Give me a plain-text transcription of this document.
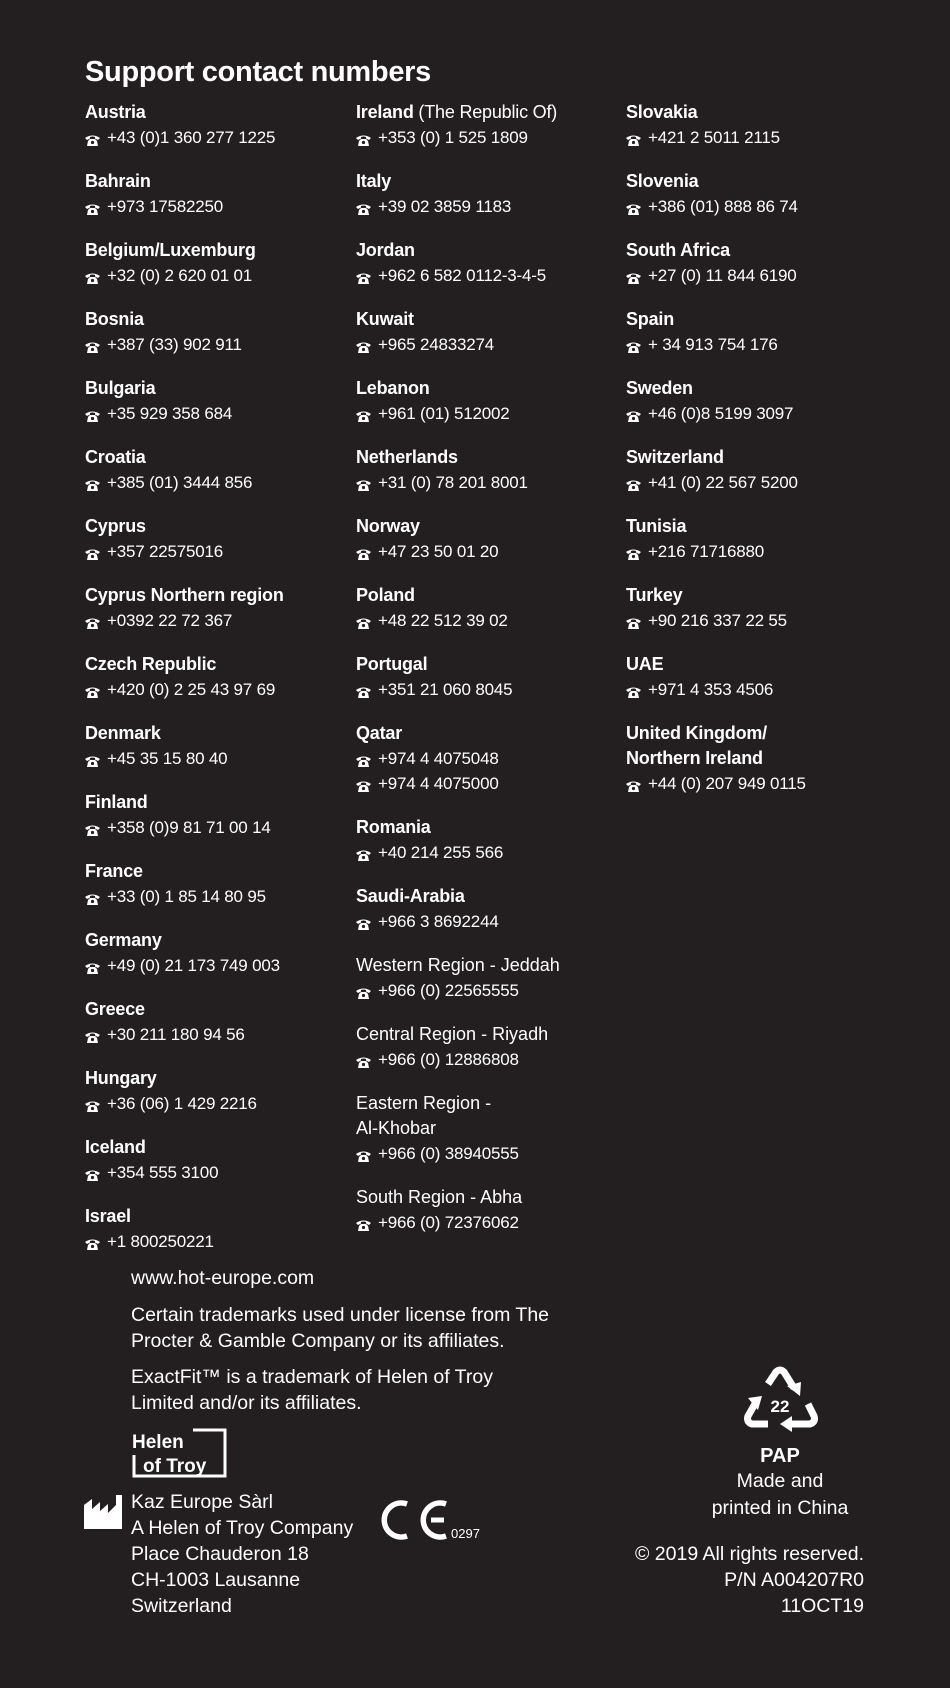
Support contact numbers
Austria
+43 (0)1 360 277 1225
Bahrain
+973 17582250
Belgium/Luxemburg
+32 (0) 2 620 01 01
Bosnia
+387 (33) 902 911
Bulgaria
+35 929 358 684
Croatia
+385 (01) 3444 856
Cyprus
+357 22575016
Cyprus Northern region
+0392 22 72 367
Czech Republic
+420 (0) 2 25 43 97 69
Denmark
+45 35 15 80 40
Finland
+358 (0)9 81 71 00 14
France
+33 (0) 1 85 14 80 95
Germany
+49 (0) 21 173 749 003
Greece
+30 211 180 94 56
Hungary
+36 (06) 1 429 2216
Iceland
+354 555 3100
Israel
+1 800250221
Ireland (The Republic Of)
+353 (0) 1 525 1809
Italy
+39 02 3859 1183
Jordan
+962 6 582 0112-3-4-5
Kuwait
+965 24833274
Lebanon
+961 (01) 512002
Netherlands
+31 (0) 78 201 8001
Norway
+47 23 50 01 20
Poland
+48 22 512 39 02
Portugal
+351 21 060 8045
Qatar
+974 4 4075048
+974 4 4075000
Romania
+40 214 255 566
Saudi-Arabia
+966 3 8692244
Western Region - Jeddah
+966 (0) 22565555
Central Region - Riyadh
+966 (0) 12886808
Eastern Region - Al-Khobar
+966 (0) 38940555
South Region - Abha
+966 (0) 72376062
Slovakia
+421 2 5011 2115
Slovenia
+386 (01) 888 86 74
South Africa
+27 (0) 11 844 6190
Spain
+ 34 913 754 176
Sweden
+46 (0)8 5199 3097
Switzerland
+41 (0) 22 567 5200
Tunisia
+216 71716880
Turkey
+90 216 337 22 55
UAE
+971 4 353 4506
United Kingdom/ Northern Ireland
+44 (0) 207 949 0115
www.hot-europe.com
Certain trademarks used under license from The Procter & Gamble Company or its affiliates.
ExactFit™ is a trademark of Helen of Troy Limited and/or its affiliates.
Helen
of Troy
Kaz Europe Sàrl
A Helen of Troy Company
Place Chauderon 18
CH-1003 Lausanne
Switzerland
0297
22
PAP
Made and
printed in China
© 2019 All rights reserved.
P/N A004207R0
11OCT19
